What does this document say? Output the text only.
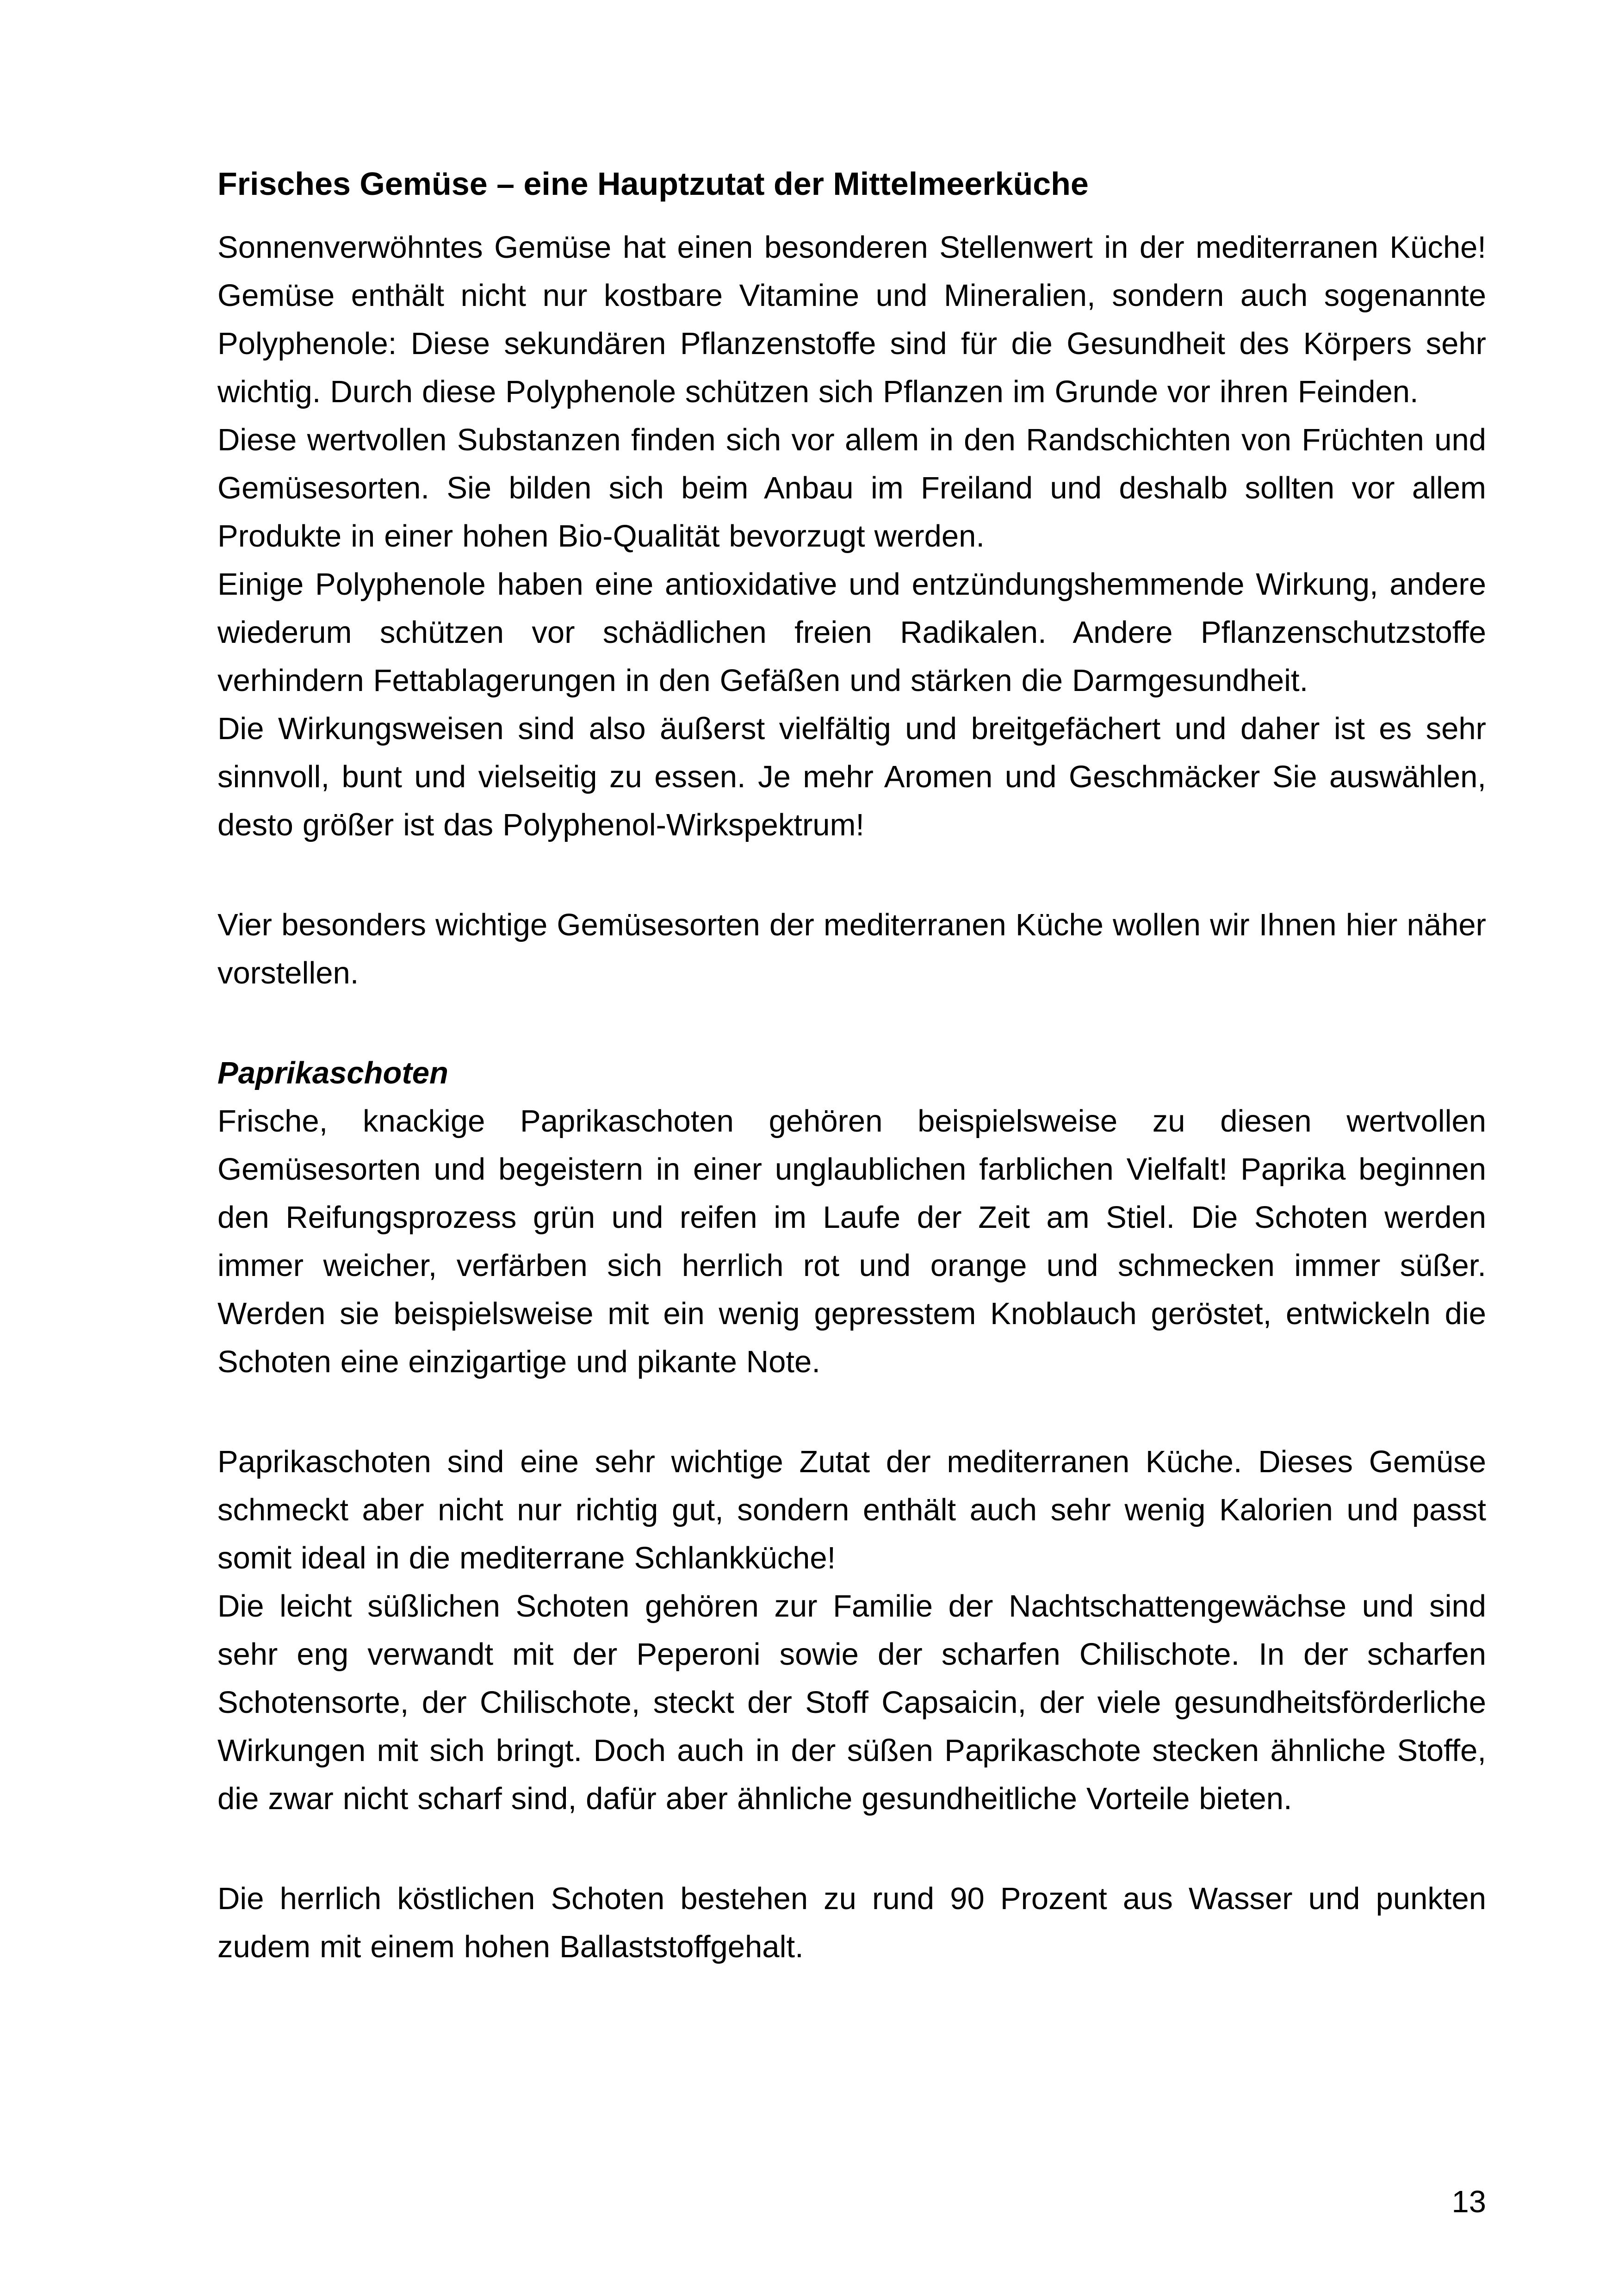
Frisches Gemüse – eine Hauptzutat der Mittelmeerküche

Sonnenverwöhntes Gemüse hat einen besonderen Stellenwert in der mediterranen Küche! Gemüse enthält nicht nur kostbare Vitamine und Mineralien, sondern auch sogenannte Polyphenole: Diese sekundären Pflanzenstoffe sind für die Gesundheit des Körpers sehr wichtig. Durch diese Polyphenole schützen sich Pflanzen im Grunde vor ihren Feinden.

Diese wertvollen Substanzen finden sich vor allem in den Randschichten von Früchten und Gemüsesorten. Sie bilden sich beim Anbau im Freiland und deshalb sollten vor allem Produkte in einer hohen Bio-Qualität bevorzugt werden.

Einige Polyphenole haben eine antioxidative und entzündungshemmende Wirkung, andere wiederum schützen vor schädlichen freien Radikalen. Andere Pflanzenschutzstoffe verhindern Fettablagerungen in den Gefäßen und stärken die Darmgesundheit.

Die Wirkungsweisen sind also äußerst vielfältig und breitgefächert und daher ist es sehr sinnvoll, bunt und vielseitig zu essen. Je mehr Aromen und Geschmäcker Sie auswählen, desto größer ist das Polyphenol-Wirkspektrum!

Vier besonders wichtige Gemüsesorten der mediterranen Küche wollen wir Ihnen hier näher vorstellen.

Paprikaschoten

Frische, knackige Paprikaschoten gehören beispielsweise zu diesen wertvollen Gemüsesorten und begeistern in einer unglaublichen farblichen Vielfalt! Paprika beginnen den Reifungsprozess grün und reifen im Laufe der Zeit am Stiel. Die Schoten werden immer weicher, verfärben sich herrlich rot und orange und schmecken immer süßer. Werden sie beispielsweise mit ein wenig gepresstem Knoblauch geröstet, entwickeln die Schoten eine einzigartige und pikante Note.

Paprikaschoten sind eine sehr wichtige Zutat der mediterranen Küche. Dieses Gemüse schmeckt aber nicht nur richtig gut, sondern enthält auch sehr wenig Kalorien und passt somit ideal in die mediterrane Schlankküche!

Die leicht süßlichen Schoten gehören zur Familie der Nachtschattengewächse und sind sehr eng verwandt mit der Peperoni sowie der scharfen Chilischote. In der scharfen Schotensorte, der Chilischote, steckt der Stoff Capsaicin, der viele gesundheitsförderliche Wirkungen mit sich bringt. Doch auch in der süßen Paprikaschote stecken ähnliche Stoffe, die zwar nicht scharf sind, dafür aber ähnliche gesundheitliche Vorteile bieten.

Die herrlich köstlichen Schoten bestehen zu rund 90 Prozent aus Wasser und punkten zudem mit einem hohen Ballaststoffgehalt.

13
